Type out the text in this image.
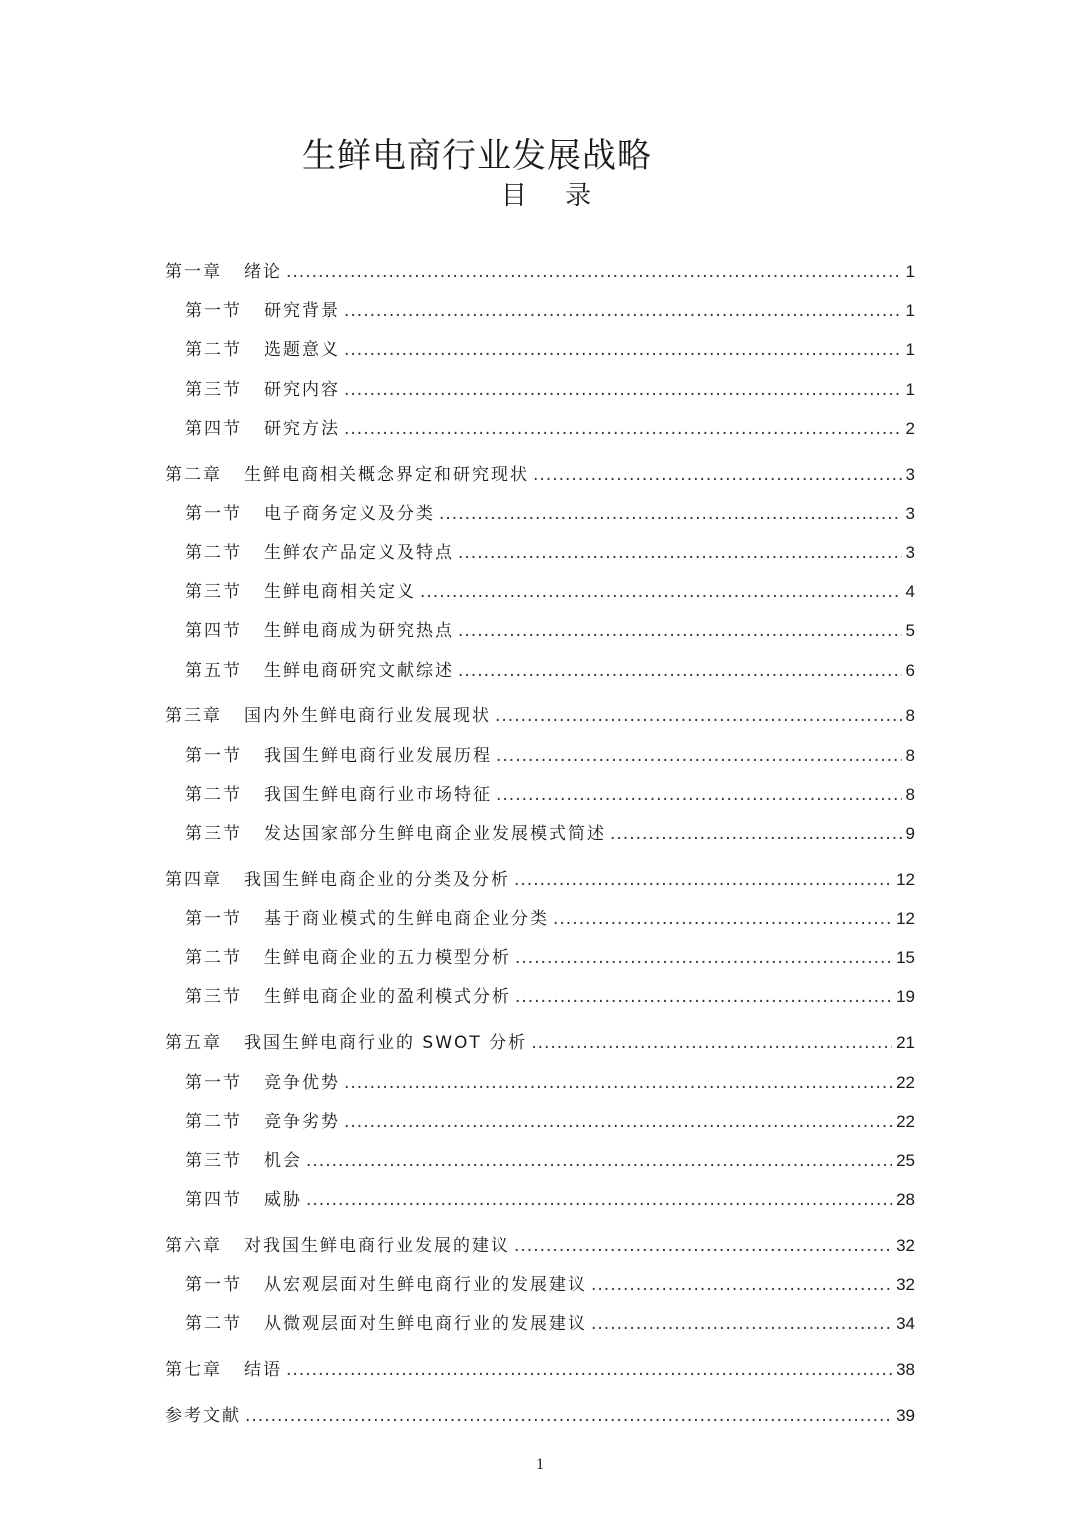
生鲜电商行业发展战略
目 录
第一章 绪论 .....	1
第一节 研究背景 .....	1
第二节 选题意义 .....	1
第三节 研究内容 .....	1
第四节 研究方法 .....	2
第二章 生鲜电商相关概念界定和研究现状 .....	3
第一节 电子商务定义及分类 .....	3
第二节 生鲜农产品定义及特点 .....	3
第三节 生鲜电商相关定义 .....	4
第四节 生鲜电商成为研究热点 .....	5
第五节 生鲜电商研究文献综述 .....	6
第三章 国内外生鲜电商行业发展现状 .....	8
第一节 我国生鲜电商行业发展历程 .....	8
第二节 我国生鲜电商行业市场特征 .....	8
第三节 发达国家部分生鲜电商企业发展模式简述 .....	9
第四章 我国生鲜电商企业的分类及分析 .....	12
第一节 基于商业模式的生鲜电商企业分类 .....	12
第二节 生鲜电商企业的五力模型分析 .....	15
第三节 生鲜电商企业的盈利模式分析 .....	19
第五章 我国生鲜电商行业的 SWOT 分析 .....	21
第一节 竞争优势 .....	22
第二节 竞争劣势 .....	22
第三节 机会 .....	25
第四节 威胁 .....	28
第六章 对我国生鲜电商行业发展的建议 .....	32
第一节 从宏观层面对生鲜电商行业的发展建议 .....	32
第二节 从微观层面对生鲜电商行业的发展建议 .....	34
第七章 结语 .....	38
参考文献 .....	39
1
